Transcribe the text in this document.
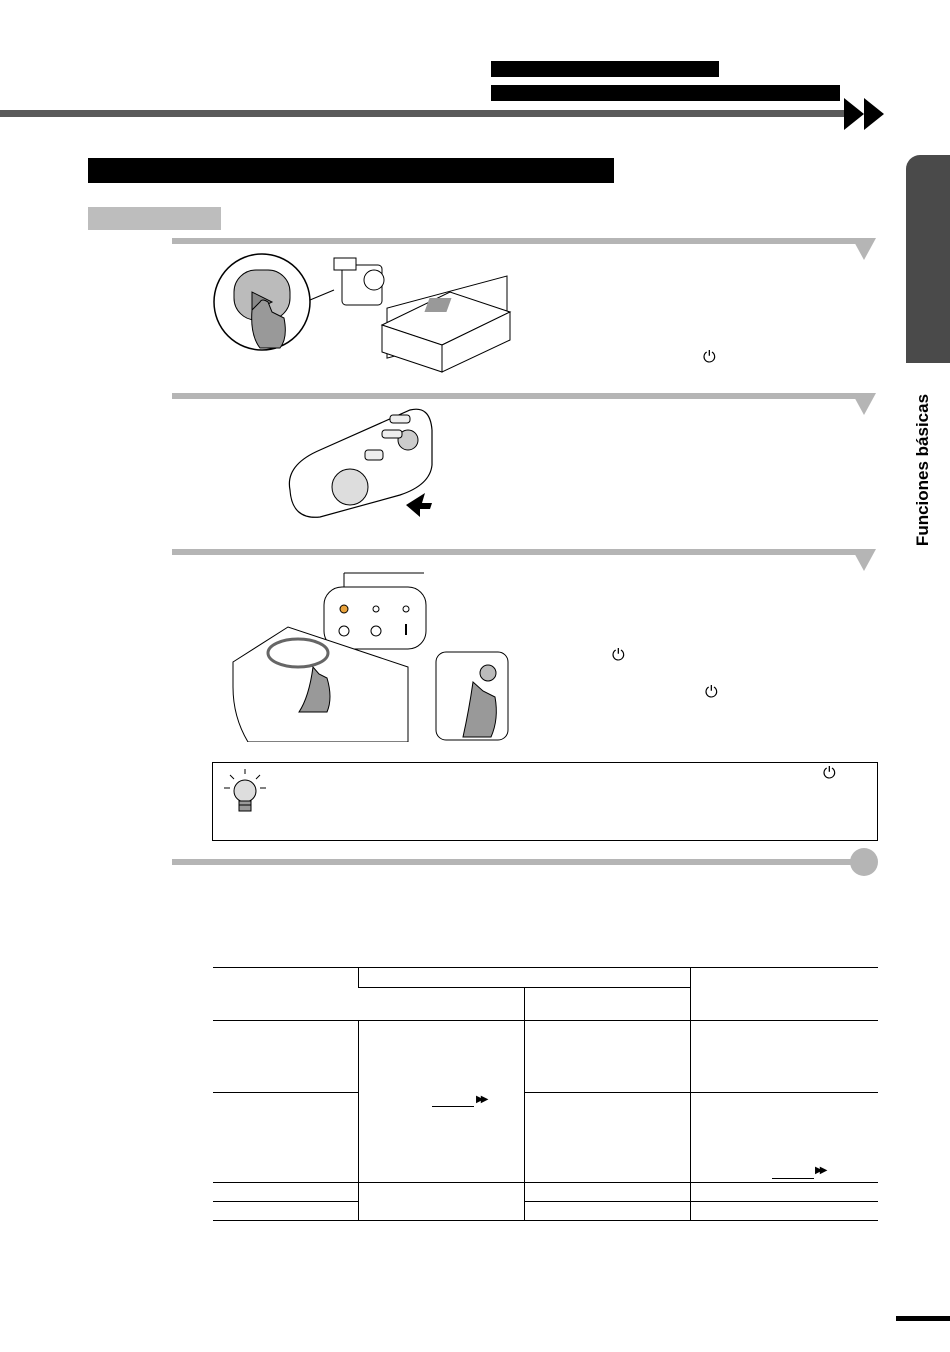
Funciones básicas
⏻
⏻
⏻
⏻

▶▶
▶▶
